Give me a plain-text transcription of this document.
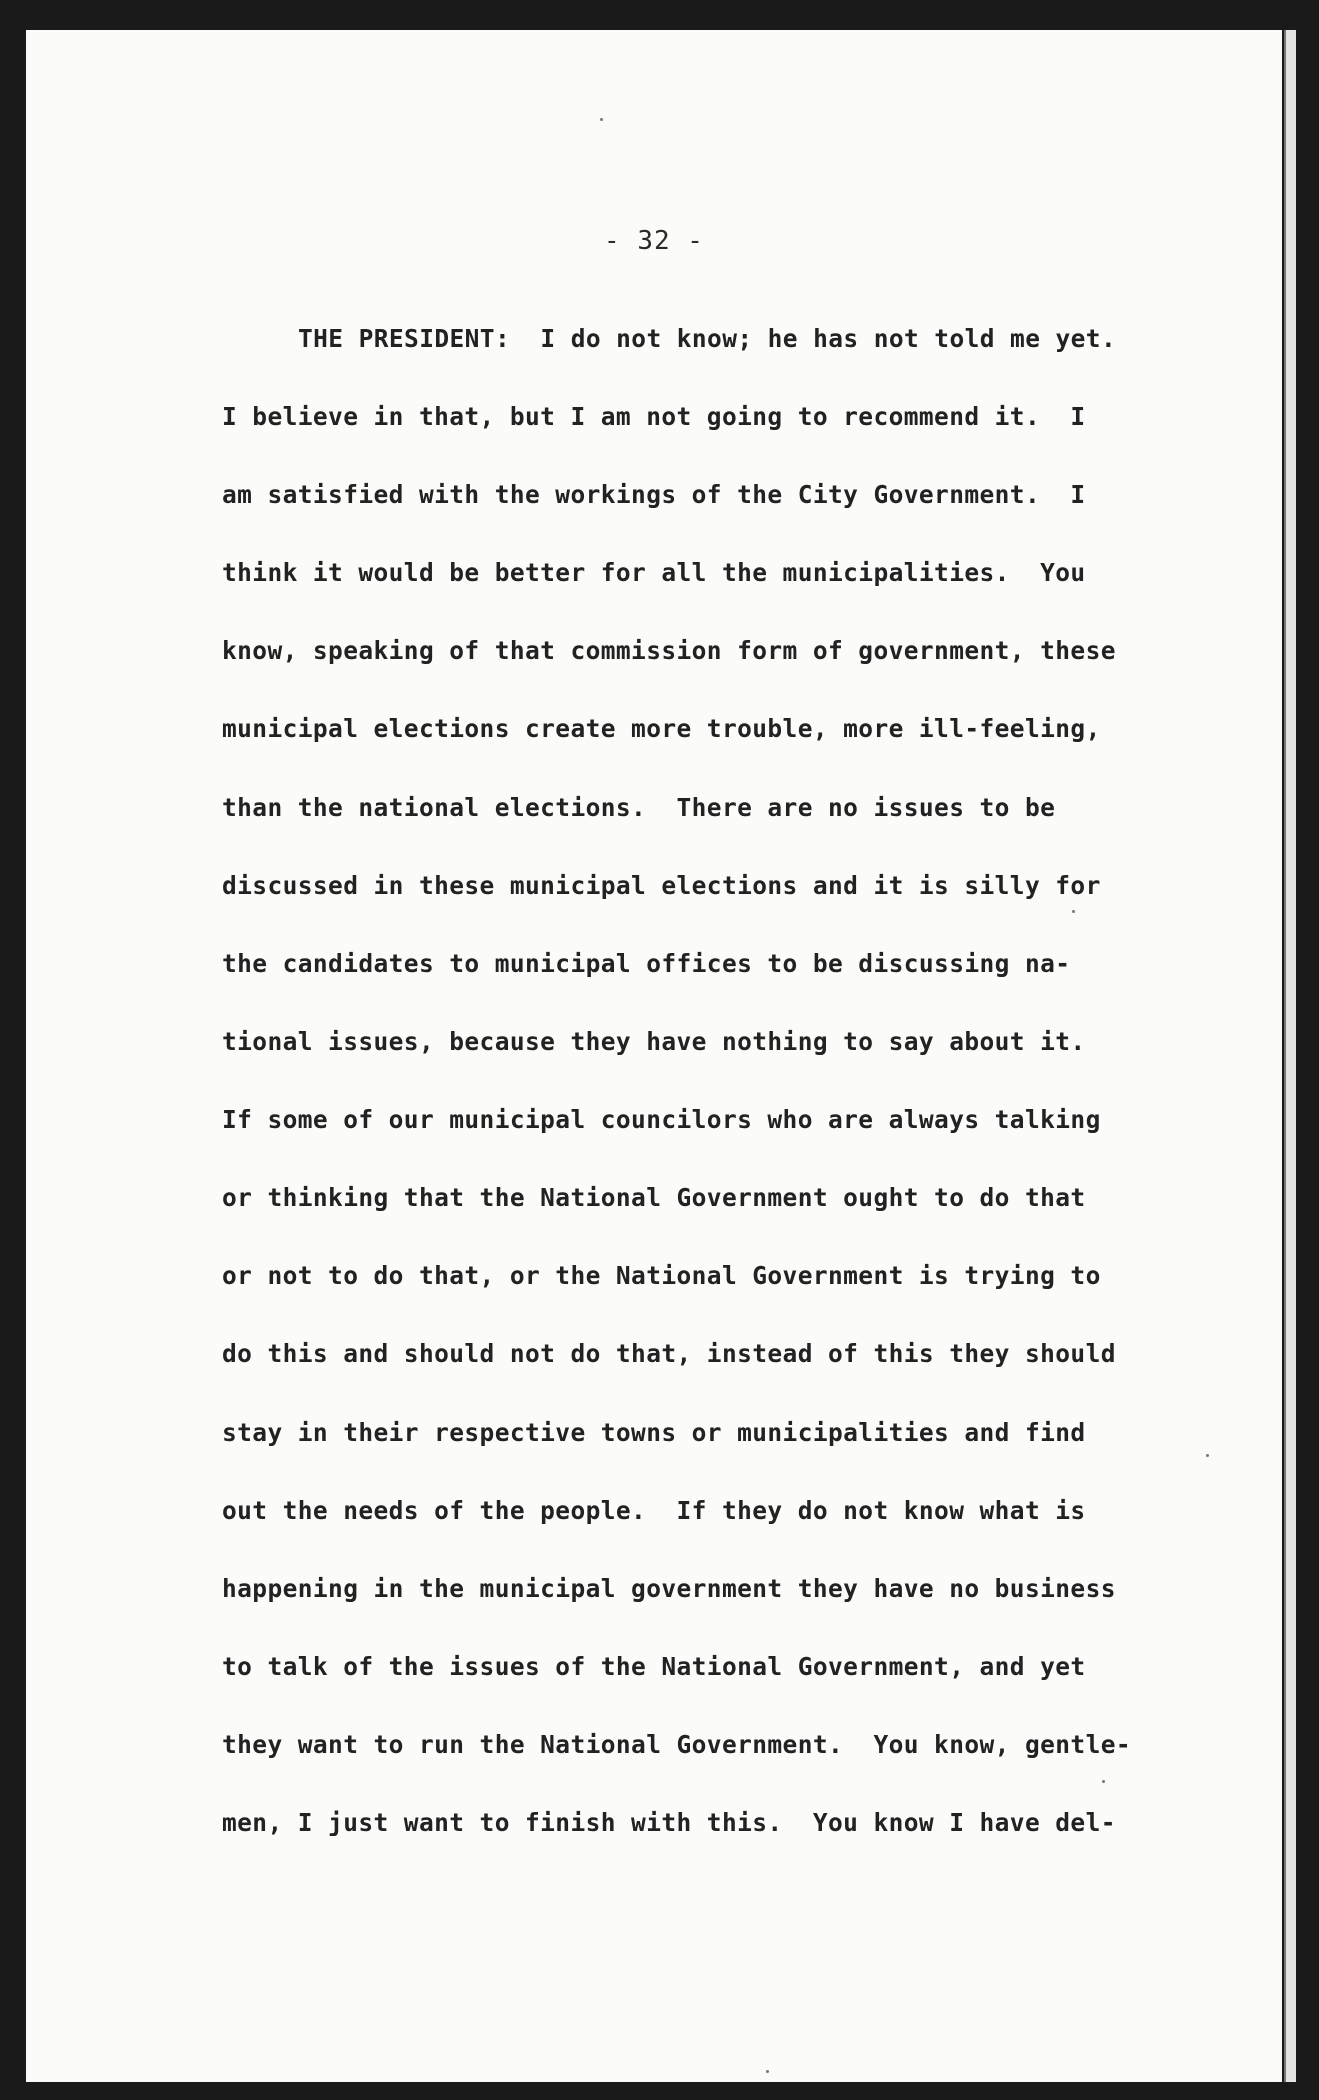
- 32 -
THE PRESIDENT:  I do not know; he has not told me yet.
I believe in that, but I am not going to recommend it.  I
am satisfied with the workings of the City Government.  I
think it would be better for all the municipalities.  You
know, speaking of that commission form of government, these
municipal elections create more trouble, more ill-feeling,
than the national elections.  There are no issues to be
discussed in these municipal elections and it is silly for
the candidates to municipal offices to be discussing na-
tional issues, because they have nothing to say about it.
If some of our municipal councilors who are always talking
or thinking that the National Government ought to do that
or not to do that, or the National Government is trying to
do this and should not do that, instead of this they should
stay in their respective towns or municipalities and find
out the needs of the people.  If they do not know what is
happening in the municipal government they have no business
to talk of the issues of the National Government, and yet
they want to run the National Government.  You know, gentle-
men, I just want to finish with this.  You know I have del-
